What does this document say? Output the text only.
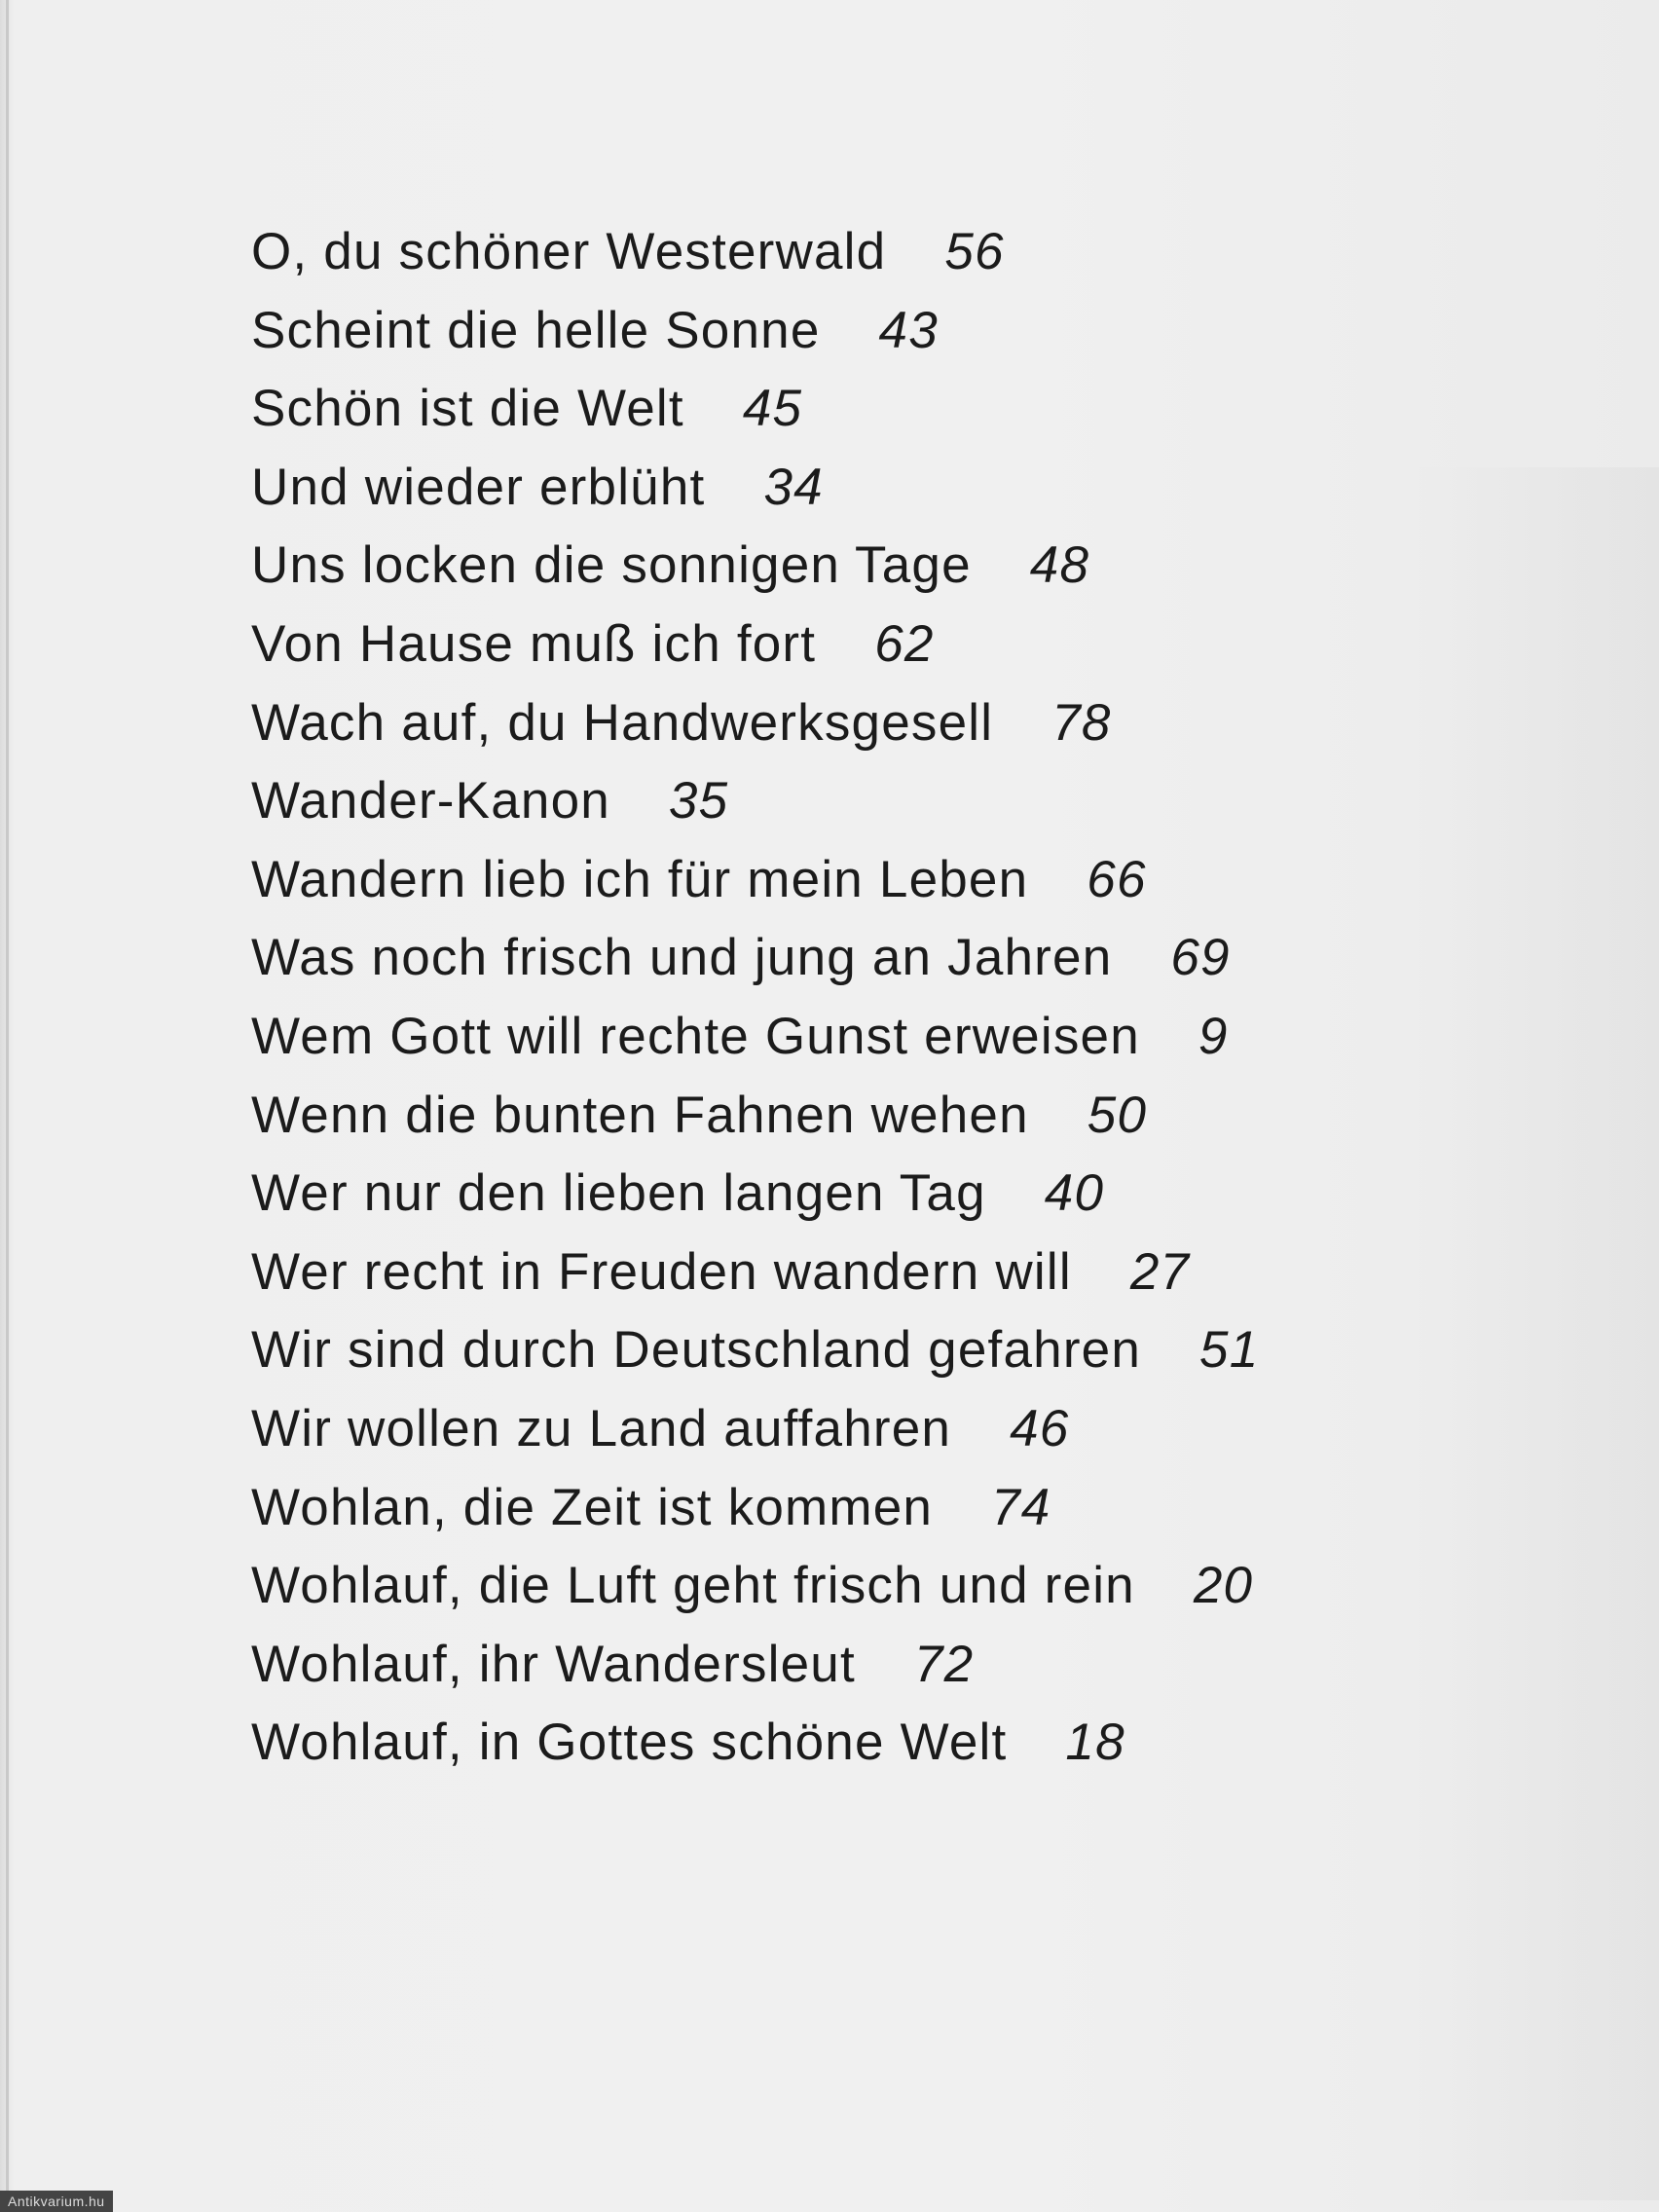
O, du schöner Westerwald 56
Scheint die helle Sonne 43
Schön ist die Welt 45
Und wieder erblüht 34
Uns locken die sonnigen Tage 48
Von Hause muß ich fort 62
Wach auf, du Handwerksgesell 78
Wander-Kanon 35
Wandern lieb ich für mein Leben 66
Was noch frisch und jung an Jahren 69
Wem Gott will rechte Gunst erweisen 9
Wenn die bunten Fahnen wehen 50
Wer nur den lieben langen Tag 40
Wer recht in Freuden wandern will 27
Wir sind durch Deutschland gefahren 51
Wir wollen zu Land auffahren 46
Wohlan, die Zeit ist kommen 74
Wohlauf, die Luft geht frisch und rein 20
Wohlauf, ihr Wandersleut 72
Wohlauf, in Gottes schöne Welt 18
Antikvarium.hu
